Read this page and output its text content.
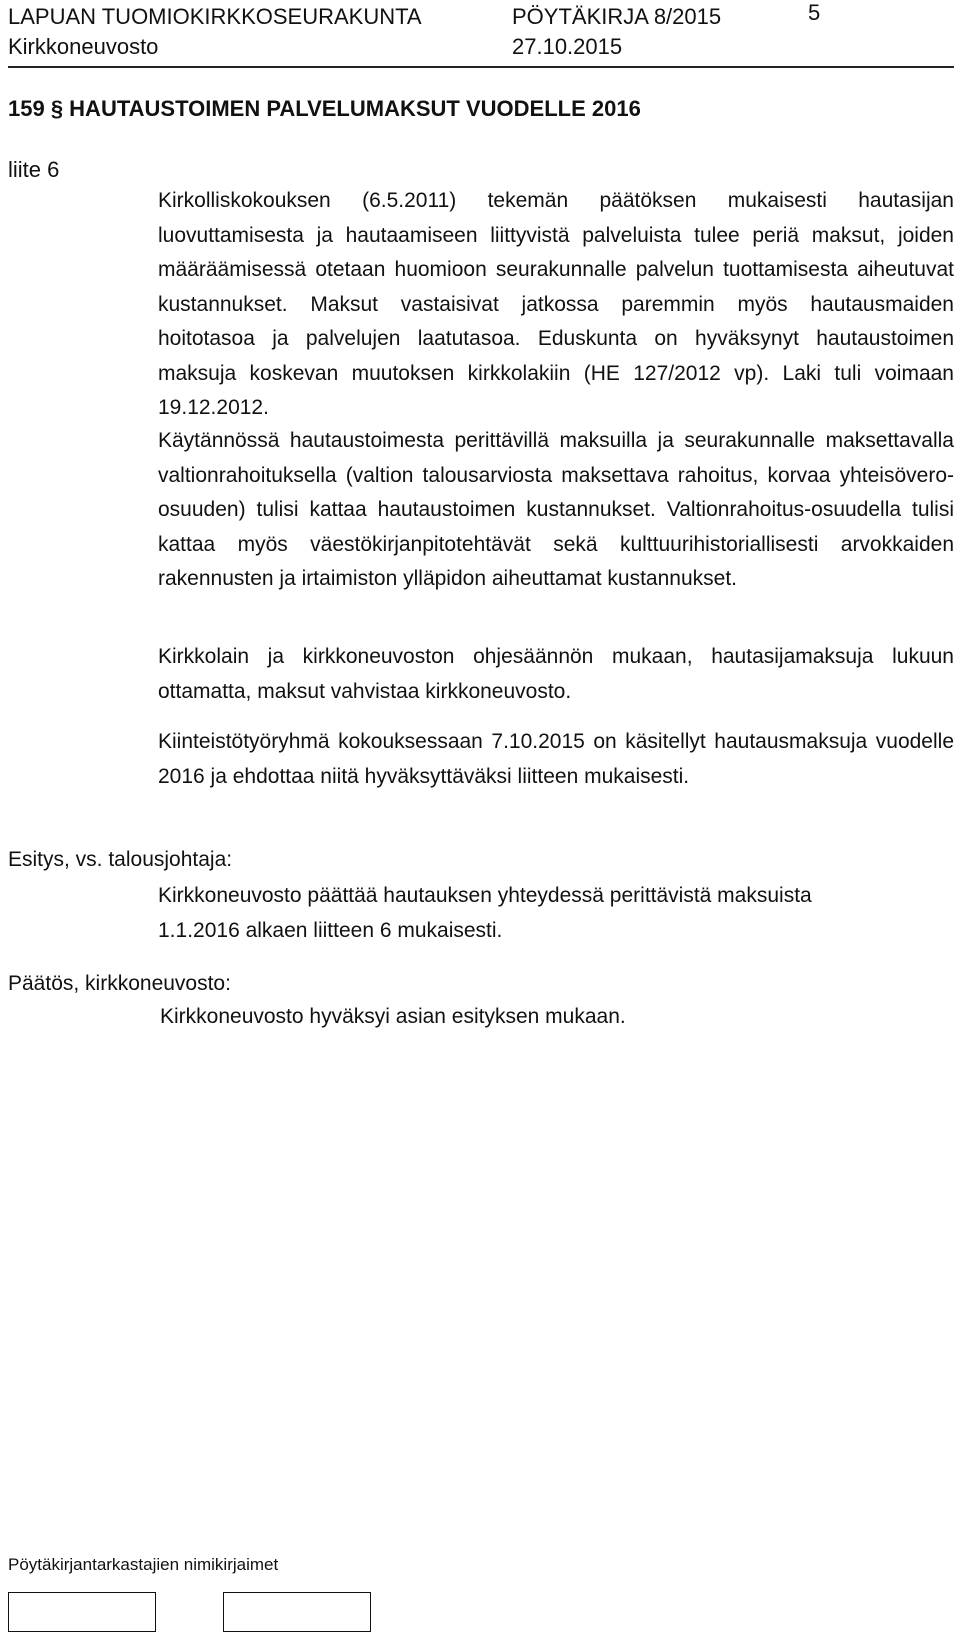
LAPUAN TUOMIOKIRKKOSEURAKUNTA	PÖYTÄKIRJA 8/2015	5
Kirkkoneuvosto	27.10.2015
159 § HAUTAUSTOIMEN PALVELUMAKSUT VUODELLE 2016
liite 6

Kirkolliskokouksen (6.5.2011) tekemän päätöksen mukaisesti hautasijan luovuttamisesta ja hautaamiseen liittyvistä palveluista tulee periä maksut, joiden määräämisessä otetaan huomioon seurakunnalle palvelun tuottamisesta aiheutuvat kustannukset. Maksut vastaisivat jatkossa paremmin myös hautausmaiden hoitotasoa ja palvelujen laatutasoa. Eduskunta on hyväksynyt hautaustoimen maksuja koskevan muutoksen kirkkolakiin (HE 127/2012 vp). Laki tuli voimaan 19.12.2012.

Käytännössä hautaustoimesta perittävillä maksuilla ja seurakunnalle maksettavalla valtionrahoituksella (valtion talousarviosta maksettava rahoitus, korvaa yhteisövero-osuuden) tulisi kattaa hautaustoimen kustannukset. Valtionrahoitus-osuudella tulisi kattaa myös väestökirjanpitotehtävät sekä kulttuurihistoriallisesti arvokkaiden rakennusten ja irtaimiston ylläpidon aiheuttamat kustannukset.

Kirkkolain ja kirkkoneuvoston ohjesäännön mukaan, hautasijamaksuja lukuun ottamatta, maksut vahvistaa kirkkoneuvosto.

Kiinteistötyöryhmä kokouksessaan 7.10.2015 on käsitellyt hautausmaksuja vuodelle 2016 ja ehdottaa niitä hyväksyttäväksi liitteen mukaisesti.

Esitys, vs. talousjohtaja:

Kirkkoneuvosto päättää hautauksen yhteydessä perittävistä maksuista 1.1.2016 alkaen liitteen 6 mukaisesti.

Päätös, kirkkoneuvosto:

Kirkkoneuvosto hyväksyi asian esityksen mukaan.

Pöytäkirjantarkastajien nimikirjaimet
